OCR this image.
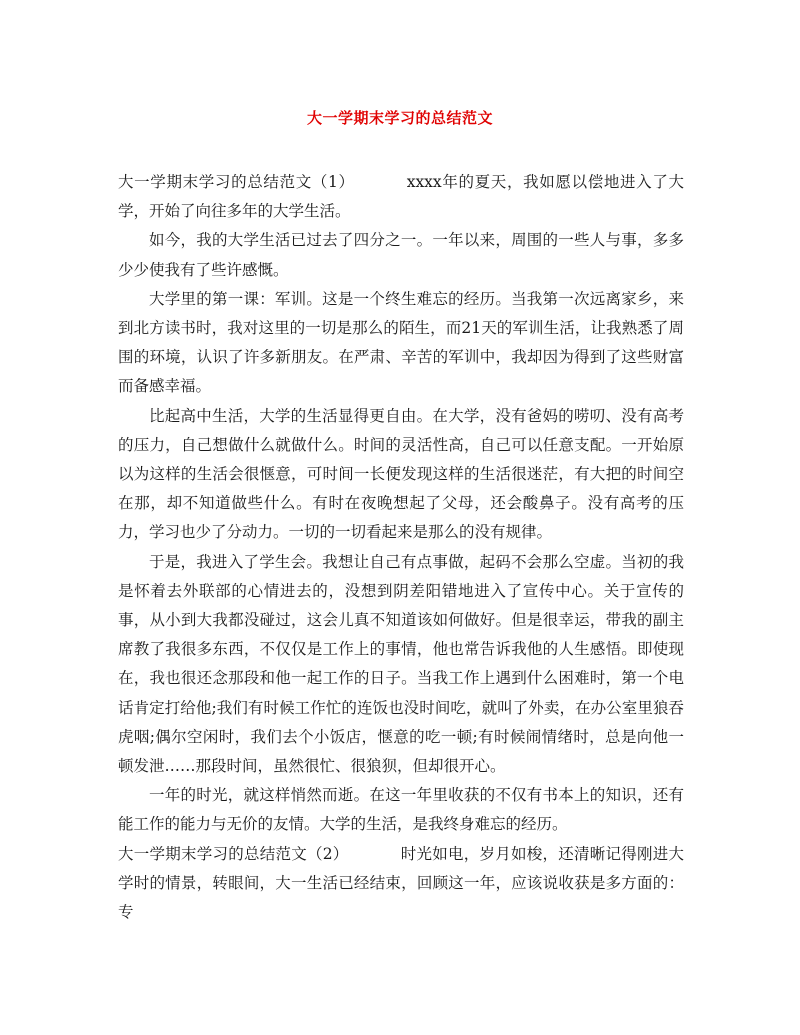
大一学期末学习的总结范文

大一学期末学习的总结范文（1）	xxxx年的夏天，我如愿以偿地进入了大学，开始了向往多年的大学生活。

如今，我的大学生活已过去了四分之一。一年以来，周围的一些人与事，多多少少使我有了些许感慨。

大学里的第一课：军训。这是一个终生难忘的经历。当我第一次远离家乡，来到北方读书时，我对这里的一切是那么的陌生，而21天的军训生活，让我熟悉了周围的环境，认识了许多新朋友。在严肃、辛苦的军训中，我却因为得到了这些财富而备感幸福。

比起高中生活，大学的生活显得更自由。在大学，没有爸妈的唠叨、没有高考的压力，自己想做什么就做什么。时间的灵活性高，自己可以任意支配。一开始原以为这样的生活会很惬意，可时间一长便发现这样的生活很迷茫，有大把的时间空在那，却不知道做些什么。有时在夜晚想起了父母，还会酸鼻子。没有高考的压力，学习也少了分动力。一切的一切看起来是那么的没有规律。

于是，我进入了学生会。我想让自己有点事做，起码不会那么空虚。当初的我是怀着去外联部的心情进去的，没想到阴差阳错地进入了宣传中心。关于宣传的事，从小到大我都没碰过，这会儿真不知道该如何做好。但是很幸运，带我的副主席教了我很多东西，不仅仅是工作上的事情，他也常告诉我他的人生感悟。即使现在，我也很还念那段和他一起工作的日子。当我工作上遇到什么困难时，第一个电话肯定打给他;我们有时候工作忙的连饭也没时间吃，就叫了外卖，在办公室里狼吞虎咽;偶尔空闲时，我们去个小饭店，惬意的吃一顿;有时候闹情绪时，总是向他一顿发泄……那段时间，虽然很忙、很狼狈，但却很开心。

一年的时光，就这样悄然而逝。在这一年里收获的不仅有书本上的知识，还有能工作的能力与无价的友情。大学的生活，是我终身难忘的经历。

大一学期末学习的总结范文（2）	时光如电，岁月如梭，还清晰记得刚进大学时的情景，转眼间，大一生活已经结束，回顾这一年，应该说收获是多方面的：专
